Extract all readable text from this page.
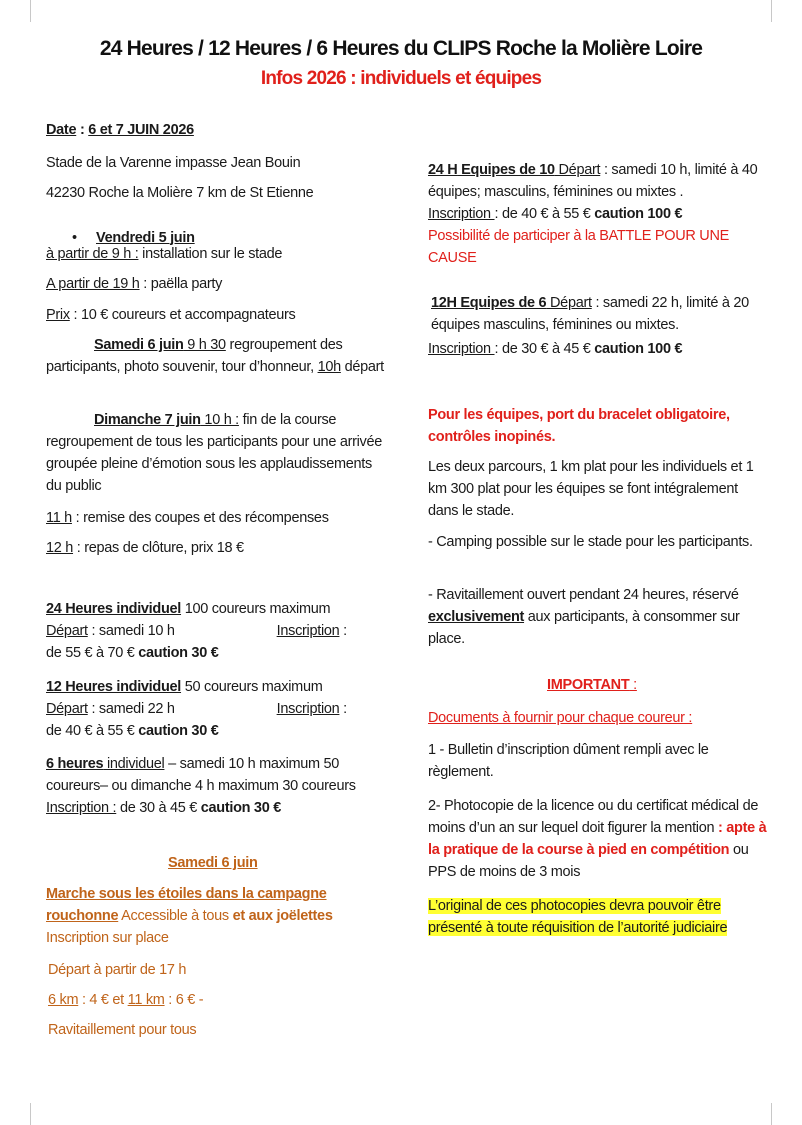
24 Heures / 12 Heures / 6 Heures du CLIPS Roche la Molière Loire
Infos 2026 : individuels et équipes

Date : 6 et 7 JUIN 2026

Stade de la Varenne impasse Jean Bouin

42230 Roche la Molière 7 km de St Etienne

• Vendredi 5 juin

à partir de 9 h : installation sur le stade

A partir de 19 h : paëlla party

Prix : 10 € coureurs et accompagnateurs

Samedi 6 juin 9 h 30 regroupement des participants, photo souvenir, tour d’honneur, 10h départ

Dimanche 7 juin 10 h : fin de la course regroupement de tous les participants pour une arrivée groupée pleine d’émotion sous les applaudissements du public

11 h : remise des coupes et des récompenses

12 h : repas de clôture, prix 18 €

24 Heures individuel 100 coureurs maximum
Départ : samedi 10 h	Inscription :
de 55 € à 70 € caution 30 €

12 Heures individuel 50 coureurs maximum
Départ : samedi 22 h	Inscription :
de 40 € à 55 € caution 30 €

6 heures individuel – samedi 10 h maximum 50 coureurs– ou dimanche 4 h maximum 30 coureurs
Inscription : de 30 à 45 € caution 30 €

Samedi 6 juin

Marche sous les étoiles dans la campagne
rouchonne Accessible à tous et aux joëlettes
Inscription sur place

Départ à partir de 17 h

6 km : 4 € et 11 km : 6 € -

Ravitaillement pour tous

24 H Equipes de 10 Départ : samedi 10 h, limité à 40 équipes; masculins, féminines ou mixtes .
Inscription : de 40 € à 55 € caution 100 €
Possibilité de participer à la BATTLE POUR UNE CAUSE

12H Equipes de 6 Départ : samedi 22 h, limité à 20 équipes masculins, féminines ou mixtes.

Inscription : de 30 € à 45 € caution 100 €

Pour les équipes, port du bracelet obligatoire, contrôles inopinés.

Les deux parcours, 1 km plat pour les individuels et 1 km 300 plat pour les équipes se font intégralement dans le stade.

- Camping possible sur le stade pour les participants.

- Ravitaillement ouvert pendant 24 heures, réservé exclusivement aux participants, à consommer sur place.

IMPORTANT :

Documents à fournir pour chaque coureur :

1 - Bulletin d’inscription dûment rempli avec le règlement.

2- Photocopie de la licence ou du certificat médical de moins d’un an sur lequel doit figurer la mention : apte à la pratique de la course à pied en compétition ou PPS de moins de 3 mois

L’original de ces photocopies devra pouvoir être
présenté à toute réquisition de l’autorité judiciaire
